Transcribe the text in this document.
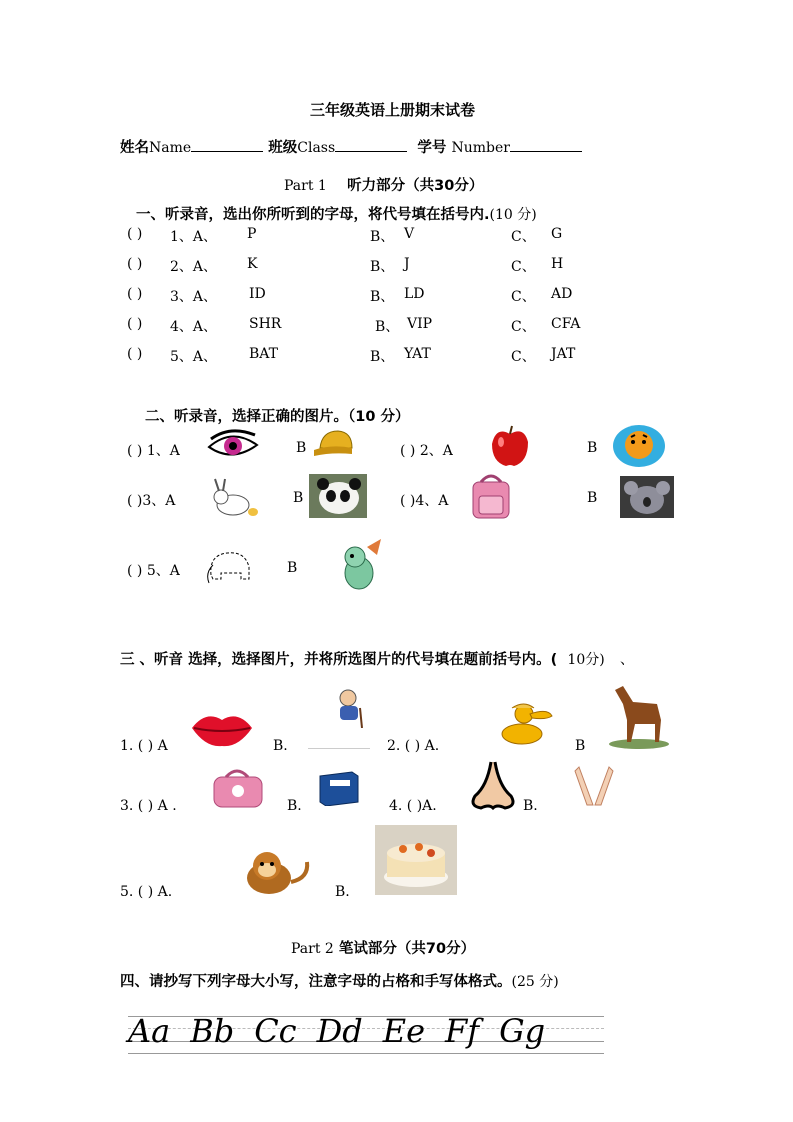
三年级英语上册期末试卷
姓名Name	班级Class	学号 Number
Part 1 听力部分（共30分）
一、听录音，选出你所听到的字母，将代号填在括号内.(10 分)
( ) 1、A、 P	B、 V	C、 G
( ) 2、A、 K	B、 J	C、 H
( ) 3、A、 ID	B、 LD	C、 AD
( ) 4、A、 SHR	B、 VIP	C、 CFA
( ) 5、A、 BAT	B、 YAT	C、 JAT
二、听录音，选择正确的图片。（10 分）
( ) 1、A	B	( ) 2、A	B
( )3、A	B	( )4、A	B
( ) 5、A	B
三 、听音 选择，选择图片，并将所选图片的代号填在题前括号内。( 10分) 、
1. ( ) A	B.	2. ( ) A.	B
3. ( ) A .	B.	4. ( )A.	B.
5. ( ) A.	B.
Part 2 笔试部分（共70分）
四、请抄写下列字母大小写，注意字母的占格和手写体格式。(25 分)
Aa Bb Cc Dd Ee Ff Gg
